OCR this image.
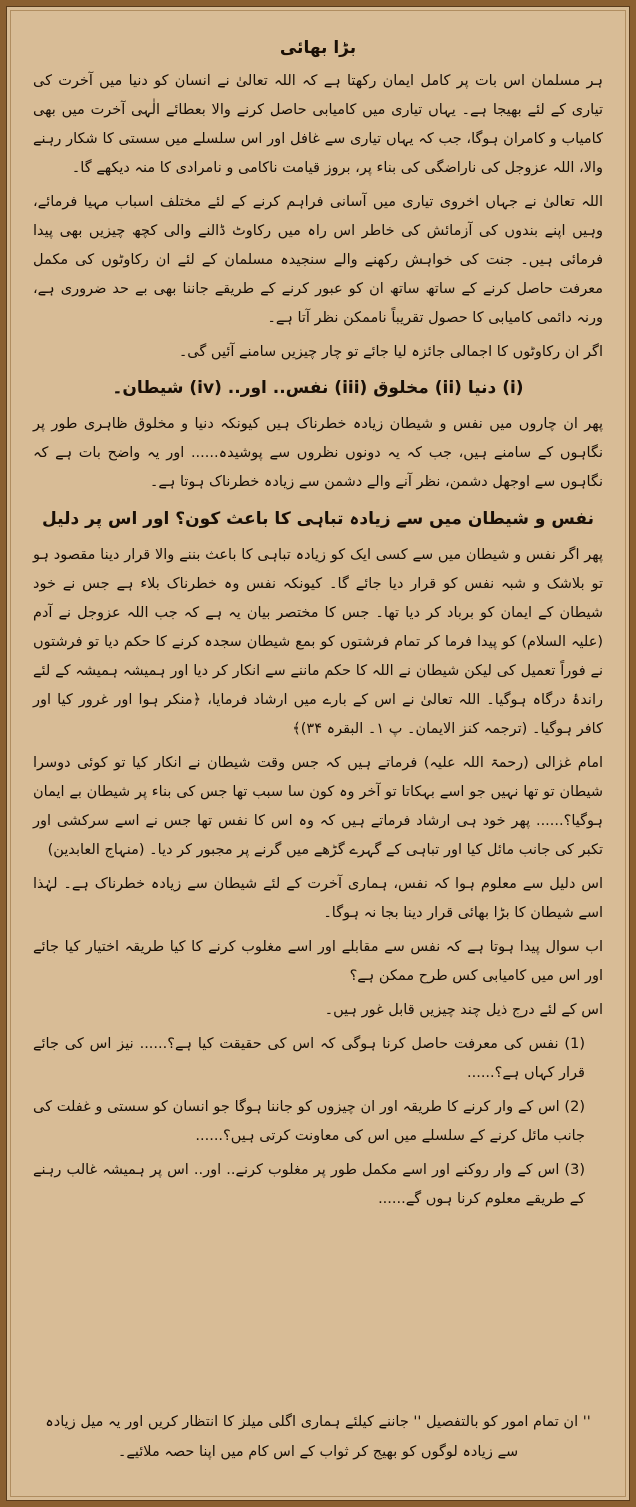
بڑا بھائی

ہر مسلمان اس بات پر کامل ایمان رکھتا ہے کہ اللہ تعالیٰ نے انسان کو دنیا میں آخرت کی تیاری کے لئے بھیجا ہے۔ یہاں تیاری میں کامیابی حاصل کرنے والا بعطائے الٰہی آخرت میں بھی کامیاب و کامران ہوگا، جب کہ یہاں تیاری سے غافل اور اس سلسلے میں سستی کا شکار رہنے والا، اللہ عزوجل کی ناراضگی کی بناء پر، بروز قیامت ناکامی و نامرادی کا منہ دیکھے گا۔

اللہ تعالیٰ نے جہاں اخروی تیاری میں آسانی فراہم کرنے کے لئے مختلف اسباب مہیا فرمائے، وہیں اپنے بندوں کی آزمائش کی خاطر اس راہ میں رکاوٹ ڈالنے والی کچھ چیزیں بھی پیدا فرمائی ہیں۔ جنت کی خواہش رکھنے والے سنجیدہ مسلمان کے لئے ان رکاوٹوں کی مکمل معرفت حاصل کرنے کے ساتھ ساتھ ان کو عبور کرنے کے طریقے جاننا بھی بے حد ضروری ہے، ورنہ دائمی کامیابی کا حصول تقریباً ناممکن نظر آتا ہے۔

اگر ان رکاوٹوں کا اجمالی جائزہ لیا جائے تو چار چیزیں سامنے آئیں گی۔

(i) دنیا (ii) مخلوق (iii) نفس.. اور.. (iv) شیطان۔

پھر ان چاروں میں نفس و شیطان زیادہ خطرناک ہیں کیونکہ دنیا و مخلوق ظاہری طور پر نگاہوں کے سامنے ہیں، جب کہ یہ دونوں نظروں سے پوشیدہ...... اور یہ واضح بات ہے کہ نگاہوں سے اوجھل دشمن، نظر آنے والے دشمن سے زیادہ خطرناک ہوتا ہے۔

نفس و شیطان میں سے زیادہ تباہی کا باعث کون؟ اور اس پر دلیل

پھر اگر نفس و شیطان میں سے کسی ایک کو زیادہ تباہی کا باعث بننے والا قرار دینا مقصود ہو تو بلاشک و شبہ نفس کو قرار دیا جائے گا۔ کیونکہ نفس وہ خطرناک بلاء ہے جس نے خود شیطان کے ایمان کو برباد کر دیا تھا۔ جس کا مختصر بیان یہ ہے کہ جب اللہ عزوجل نے آدم (علیہ السلام) کو پیدا فرما کر تمام فرشتوں کو بمع شیطان سجدہ کرنے کا حکم دیا تو فرشتوں نے فوراً تعمیل کی لیکن شیطان نے اللہ کا حکم ماننے سے انکار کر دیا اور ہمیشہ ہمیشہ کے لئے راندۂ درگاہ ہوگیا۔ اللہ تعالیٰ نے اس کے بارے میں ارشاد فرمایا، ﴿منکر ہوا اور غرور کیا اور کافر ہوگیا۔ (ترجمہ کنز الایمان۔ پ ۱۔ البقرہ ۳۴)﴾

امام غزالی (رحمۃ اللہ علیہ) فرماتے ہیں کہ جس وقت شیطان نے انکار کیا تو کوئی دوسرا شیطان تو تھا نہیں جو اسے بہکاتا تو آخر وہ کون سا سبب تھا جس کی بناء پر شیطان بے ایمان ہوگیا؟...... پھر خود ہی ارشاد فرماتے ہیں کہ وہ اس کا نفس تھا جس نے اسے سرکشی اور تکبر کی جانب مائل کیا اور تباہی کے گہرے گڑھے میں گرنے پر مجبور کر دیا۔ (منہاج العابدین)

اس دلیل سے معلوم ہوا کہ نفس، ہماری آخرت کے لئے شیطان سے زیادہ خطرناک ہے۔ لہٰذا اسے شیطان کا بڑا بھائی قرار دینا بجا نہ ہوگا۔

اب سوال پیدا ہوتا ہے کہ نفس سے مقابلے اور اسے مغلوب کرنے کا کیا طریقہ اختیار کیا جائے اور اس میں کامیابی کس طرح ممکن ہے؟

اس کے لئے درج ذیل چند چیزیں قابل غور ہیں۔

(1) نفس کی معرفت حاصل کرنا ہوگی کہ اس کی حقیقت کیا ہے؟...... نیز اس کی جائے قرار کہاں ہے؟......

(2) اس کے وار کرنے کا طریقہ اور ان چیزوں کو جاننا ہوگا جو انسان کو سستی و غفلت کی جانب مائل کرنے کے سلسلے میں اس کی معاونت کرتی ہیں؟......

(3) اس کے وار روکنے اور اسے مکمل طور پر مغلوب کرنے.. اور.. اس پر ہمیشہ غالب رہنے کے طریقے معلوم کرنا ہوں گے......

'' ان تمام امور کو بالتفصیل '' جاننے کیلئے ہماری اگلی میلز کا انتظار کریں اور یہ میل زیادہ سے زیادہ لوگوں کو بھیج کر ثواب کے اس کام میں اپنا حصہ ملائیے۔
